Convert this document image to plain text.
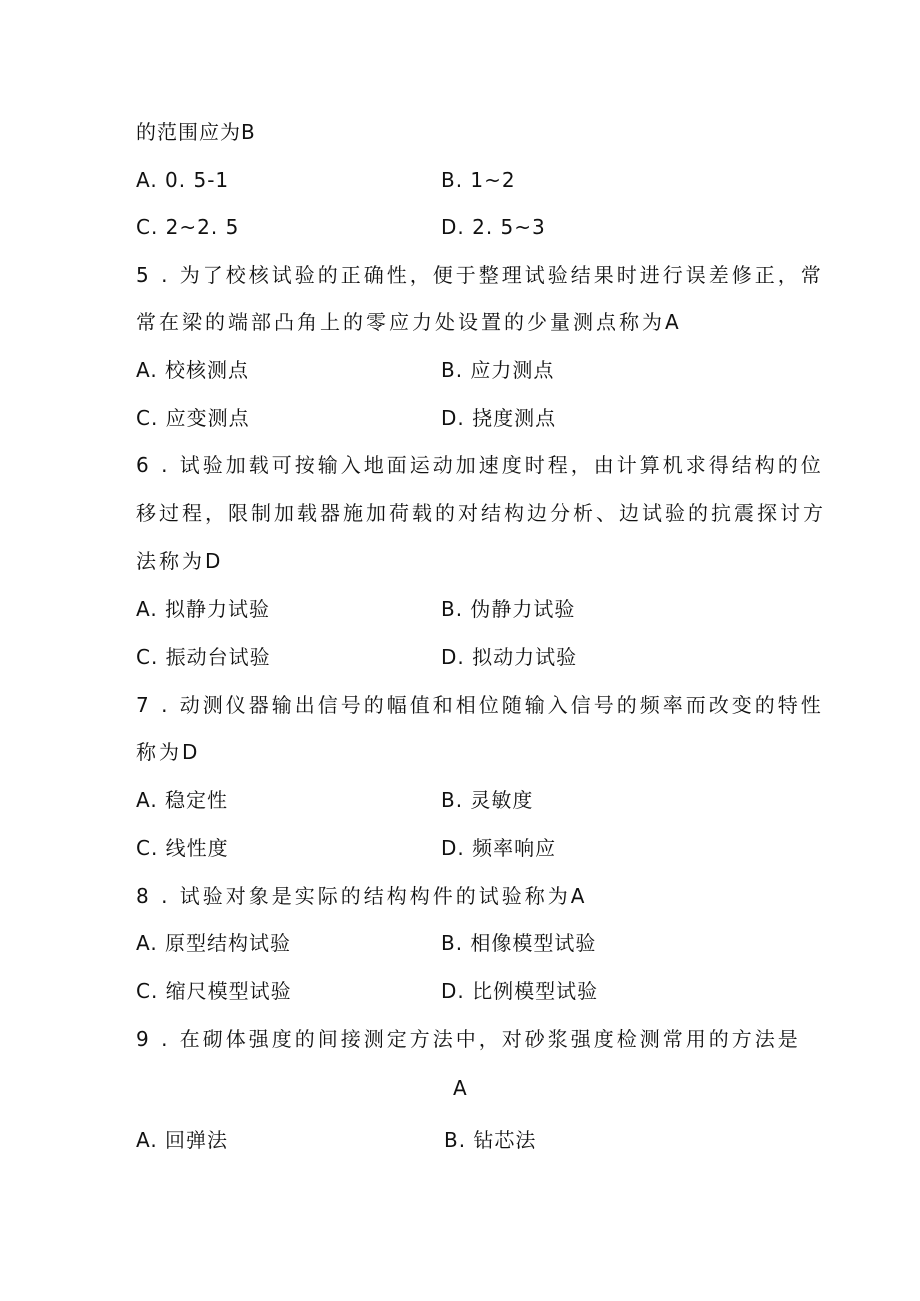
的范围应为B
A. 0. 5-1	B. 1~2
C. 2~2. 5	D. 2. 5~3
5 . 为了校核试验的正确性，便于整理试验结果时进行误差修正，常
常在梁的端部凸角上的零应力处设置的少量测点称为A
A. 校核测点	B. 应力测点
C. 应变测点	D. 挠度测点
6 . 试验加载可按输入地面运动加速度时程，由计算机求得结构的位
移过程，限制加载器施加荷载的对结构边分析、边试验的抗震探讨方
法称为D
A. 拟静力试验	B. 伪静力试验
C. 振动台试验	D. 拟动力试验
7 . 动测仪器输出信号的幅值和相位随输入信号的频率而改变的特性
称为D
A. 稳定性	B. 灵敏度
C. 线性度	D. 频率响应
8 . 试验对象是实际的结构构件的试验称为A
A. 原型结构试验	B. 相像模型试验
C. 缩尺模型试验	D. 比例模型试验
9 . 在砌体强度的间接测定方法中，对砂浆强度检测常用的方法是
A
A. 回弹法	B. 钻芯法
